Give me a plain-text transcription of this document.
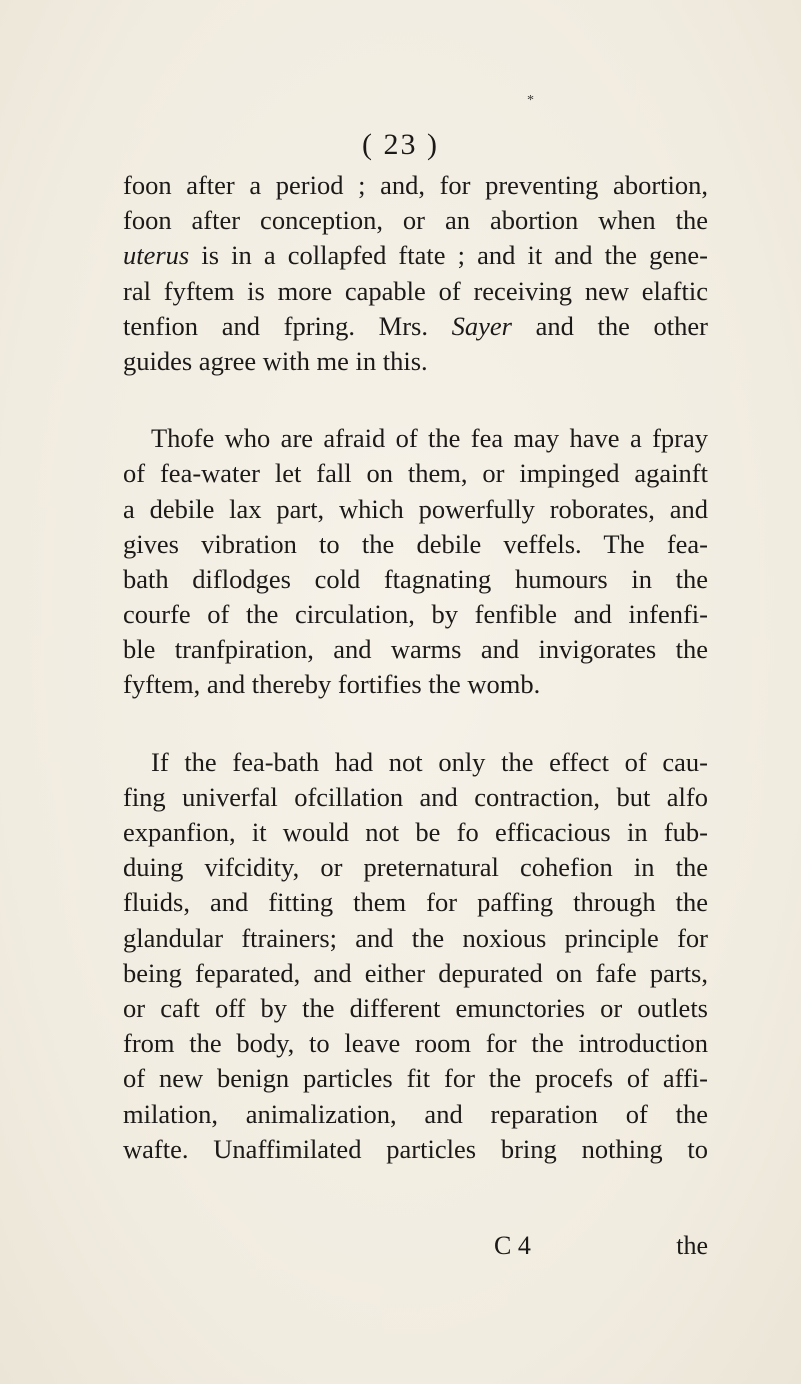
*
( 23 )
foon after a period ; and, for preventing abortion,
foon after conception, or an abortion when the
uterus is in a collapfed ftate ; and it and the gene-
ral fyftem is more capable of receiving new elaftic
tenfion and fpring. Mrs. Sayer and the other
guides agree with me in this.
Thofe who are afraid of the fea may have a fpray
of fea-water let fall on them, or impinged againft
a debile lax part, which powerfully roborates, and
gives vibration to the debile veffels. The fea-
bath diflodges cold ftagnating humours in the
courfe of the circulation, by fenfible and infenfi-
ble tranfpiration, and warms and invigorates the
fyftem, and thereby fortifies the womb.
If the fea-bath had not only the effect of cau-
fing univerfal ofcillation and contraction, but alfo
expanfion, it would not be fo efficacious in fub-
duing vifcidity, or preternatural cohefion in the
fluids, and fitting them for paffing through the
glandular ftrainers; and the noxious principle for
being feparated, and either depurated on fafe parts,
or caft off by the different emunctories or outlets
from the body, to leave room for the introduction
of new benign particles fit for the procefs of affi-
milation, animalization, and reparation of the
wafte. Unaffimilated particles bring nothing to
C 4	the
